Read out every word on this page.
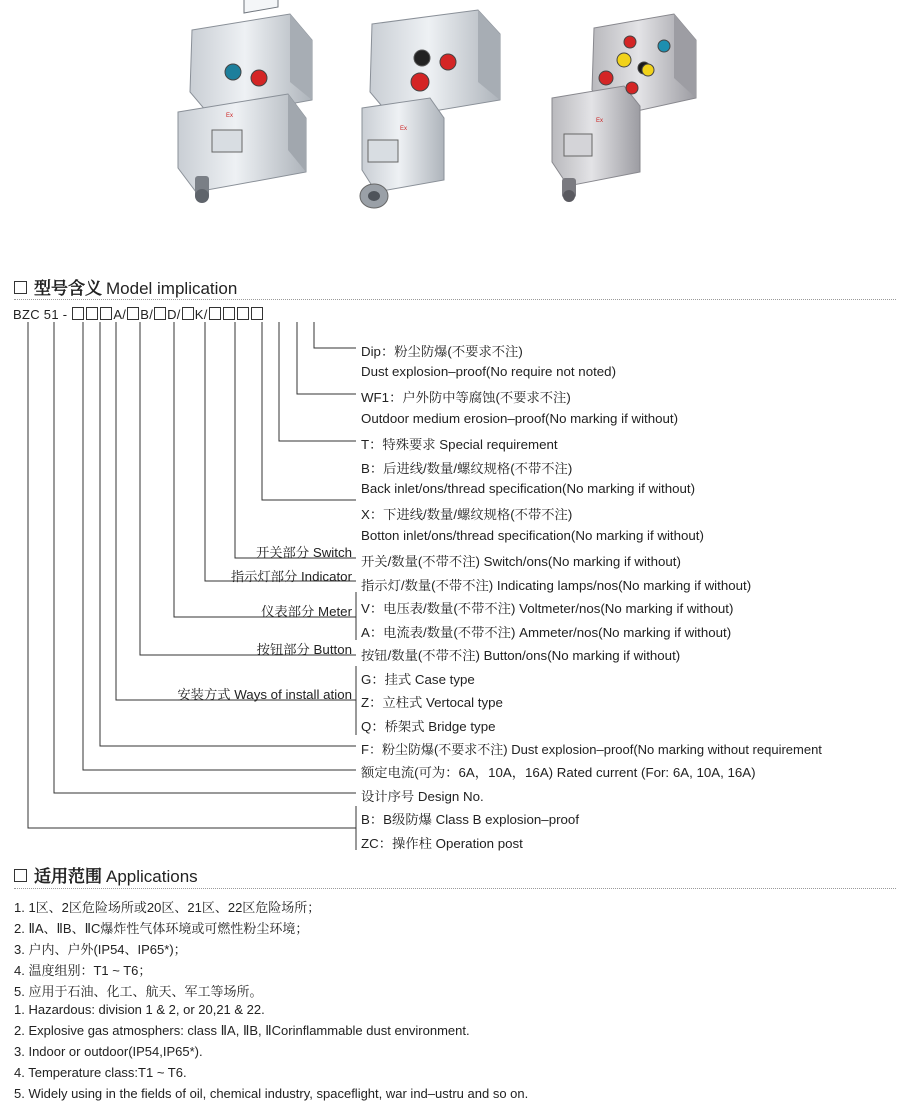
Ex
Ex
Ex
型号含义 Model implication
BZC 51 -	A/ B/ D/ K/
Dip：粉尘防爆(不要求不注)
Dust explosion–proof(No require not noted)
WF1：户外防中等腐蚀(不要求不注)
Outdoor medium erosion–proof(No marking if without)
T：特殊要求 Special requirement
B：后进线/数量/螺纹规格(不带不注)
Back inlet/ons/thread specification(No marking if without)
X：下进线/数量/螺纹规格(不带不注)
Botton inlet/ons/thread specification(No marking if without)
开关/数量(不带不注) Switch/ons(No marking if without)
指示灯/数量(不带不注) Indicating lamps/nos(No marking if without)
V：电压表/数量(不带不注) Voltmeter/nos(No marking if without)
A：电流表/数量(不带不注) Ammeter/nos(No marking if without)
按钮/数量(不带不注) Button/ons(No marking if without)
G：挂式 Case type
Z：立柱式 Vertocal type
Q：桥架式 Bridge type
F：粉尘防爆(不要求不注) Dust explosion–proof(No marking without requirement
额定电流(可为：6A，10A，16A) Rated current (For: 6A, 10A, 16A)
设计序号 Design No.
B：B级防爆 Class B explosion–proof
ZC：操作柱 Operation post
开关部分 Switch
指示灯部分 Indicator
仪表部分 Meter
按钮部分 Button
安装方式 Ways of install ation
适用范围 Applications
1. 1区、2区危险场所或20区、21区、22区危险场所；
2. ⅡA、ⅡB、ⅡC爆炸性气体环境或可燃性粉尘环境；
3. 户内、户外(IP54、IP65*)；
4. 温度组别：T1 ~ T6；
5. 应用于石油、化工、航天、军工等场所。
1. Hazardous: division 1 & 2, or 20,21 & 22.
2. Explosive gas atmosphers: class ⅡA, ⅡB, ⅡCorinflammable dust environment.
3. Indoor or outdoor(IP54,IP65*).
4. Temperature class:T1 ~ T6.
5. Widely using in the fields of oil, chemical industry, spaceflight, war ind–ustru and so on.
